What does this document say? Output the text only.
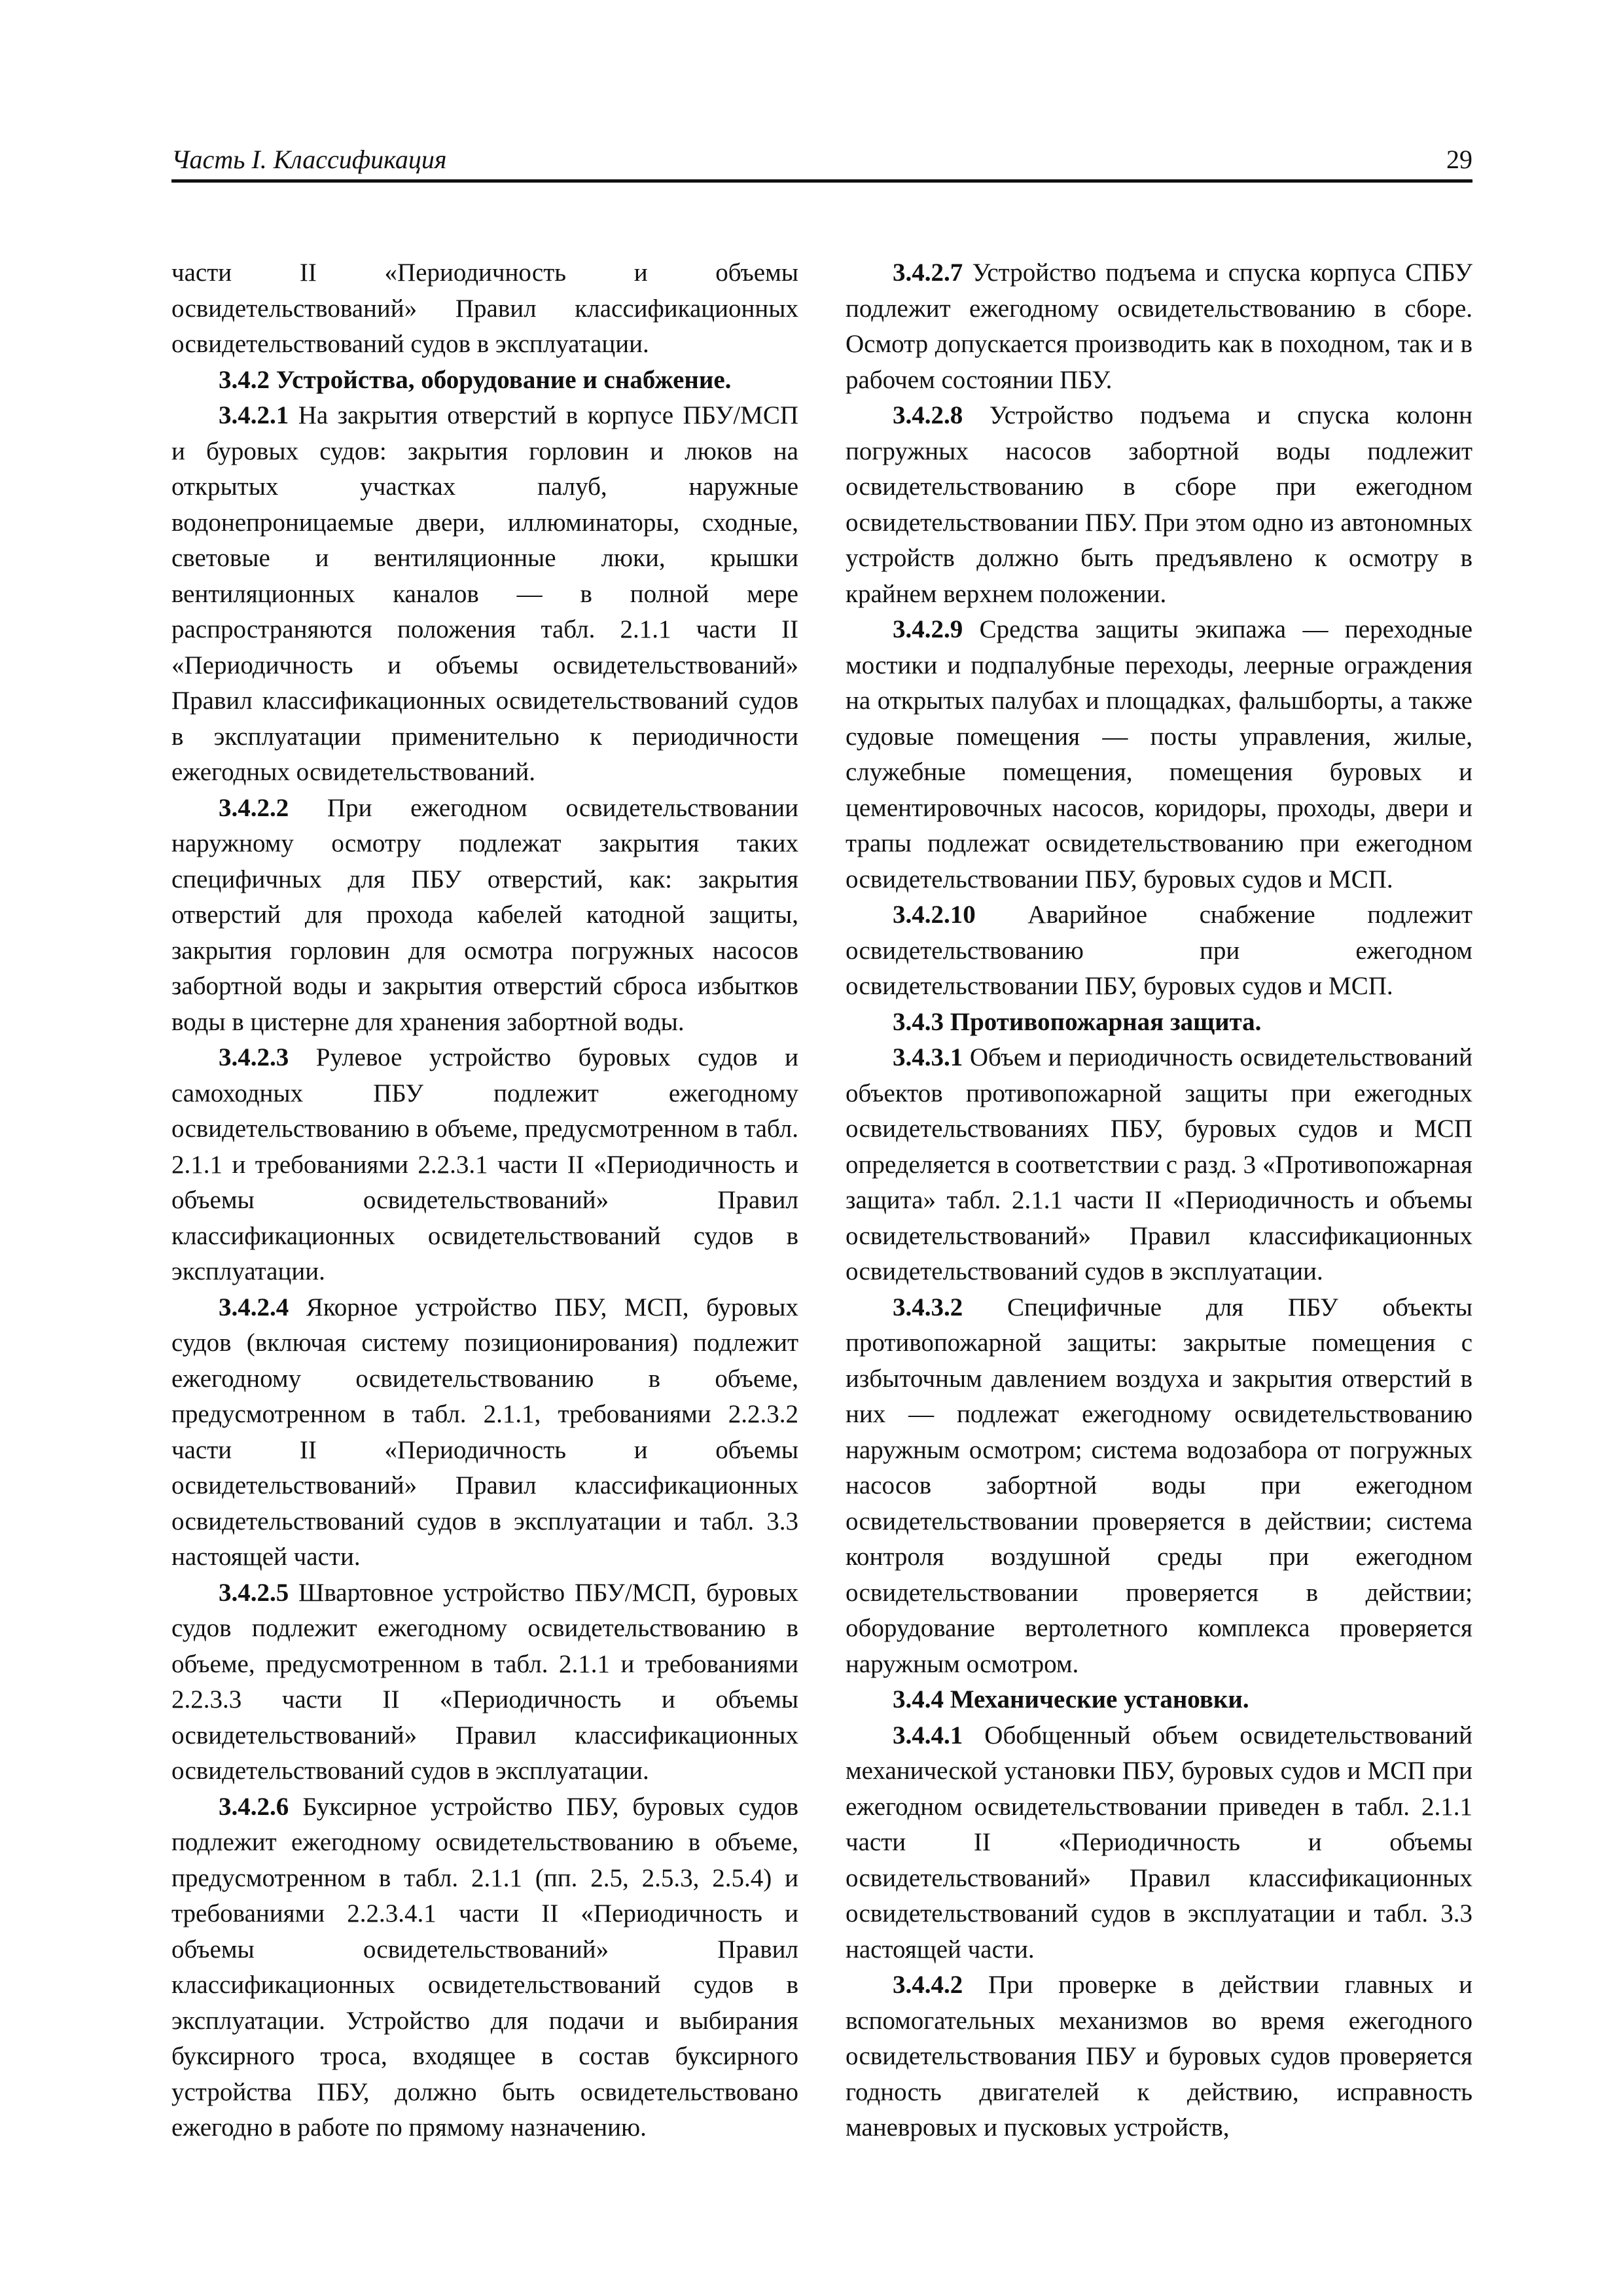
Часть I. Классификация	29

части II «Периодичность и объемы освидетельствований» Правил классификационных освидетельствований судов в эксплуатации.

3.4.2 Устройства, оборудование и снабжение.

3.4.2.1 На закрытия отверстий в корпусе ПБУ/МСП и буровых судов: закрытия горловин и люков на открытых участках палуб, наружные водонепроницаемые двери, иллюминаторы, сходные, световые и вентиляционные люки, крышки вентиляционных каналов — в полной мере распространяются положения табл. 2.1.1 части II «Периодичность и объемы освидетельствований» Правил классификационных освидетельствований судов в эксплуатации применительно к периодичности ежегодных освидетельствований.

3.4.2.2 При ежегодном освидетельствовании наружному осмотру подлежат закрытия таких специфичных для ПБУ отверстий, как: закрытия отверстий для прохода кабелей катодной защиты, закрытия горловин для осмотра погружных насосов забортной воды и закрытия отверстий сброса избытков воды в цистерне для хранения забортной воды.

3.4.2.3 Рулевое устройство буровых судов и самоходных ПБУ подлежит ежегодному освидетельствованию в объеме, предусмотренном в табл. 2.1.1 и требованиями 2.2.3.1 части II «Периодичность и объемы освидетельствований» Правил классификационных освидетельствований судов в эксплуатации.

3.4.2.4 Якорное устройство ПБУ, МСП, буровых судов (включая систему позиционирования) подлежит ежегодному освидетельствованию в объеме, предусмотренном в табл. 2.1.1, требованиями 2.2.3.2 части II «Периодичность и объемы освидетельствований» Правил классификационных освидетельствований судов в эксплуатации и табл. 3.3 настоящей части.

3.4.2.5 Швартовное устройство ПБУ/МСП, буровых судов подлежит ежегодному освидетельствованию в объеме, предусмотренном в табл. 2.1.1 и требованиями 2.2.3.3 части II «Периодичность и объемы освидетельствований» Правил классификационных освидетельствований судов в эксплуатации.

3.4.2.6 Буксирное устройство ПБУ, буровых судов подлежит ежегодному освидетельствованию в объеме, предусмотренном в табл. 2.1.1 (пп. 2.5, 2.5.3, 2.5.4) и требованиями 2.2.3.4.1 части II «Периодичность и объемы освидетельствований» Правил классификационных освидетельствований судов в эксплуатации. Устройство для подачи и выбирания буксирного троса, входящее в состав буксирного устройства ПБУ, должно быть освидетельствовано ежегодно в работе по прямому назначению.

3.4.2.7 Устройство подъема и спуска корпуса СПБУ подлежит ежегодному освидетельствованию в сборе. Осмотр допускается производить как в походном, так и в рабочем состоянии ПБУ.

3.4.2.8 Устройство подъема и спуска колонн погружных насосов забортной воды подлежит освидетельствованию в сборе при ежегодном освидетельствовании ПБУ. При этом одно из автономных устройств должно быть предъявлено к осмотру в крайнем верхнем положении.

3.4.2.9 Средства защиты экипажа — переходные мостики и подпалубные переходы, леерные ограждения на открытых палубах и площадках, фальшборты, а также судовые помещения — посты управления, жилые, служебные помещения, помещения буровых и цементировочных насосов, коридоры, проходы, двери и трапы подлежат освидетельствованию при ежегодном освидетельствовании ПБУ, буровых судов и МСП.

3.4.2.10 Аварийное снабжение подлежит освидетельствованию при ежегодном освидетельствовании ПБУ, буровых судов и МСП.

3.4.3 Противопожарная защита.

3.4.3.1 Объем и периодичность освидетельствований объектов противопожарной защиты при ежегодных освидетельствованиях ПБУ, буровых судов и МСП определяется в соответствии с разд. 3 «Противопожарная защита» табл. 2.1.1 части II «Периодичность и объемы освидетельствований» Правил классификационных освидетельствований судов в эксплуатации.

3.4.3.2 Специфичные для ПБУ объекты противопожарной защиты: закрытые помещения с избыточным давлением воздуха и закрытия отверстий в них — подлежат ежегодному освидетельствованию наружным осмотром; система водозабора от погружных насосов забортной воды при ежегодном освидетельствовании проверяется в действии; система контроля воздушной среды при ежегодном освидетельствовании проверяется в действии; оборудование вертолетного комплекса проверяется наружным осмотром.

3.4.4 Механические установки.

3.4.4.1 Обобщенный объем освидетельствований механической установки ПБУ, буровых судов и МСП при ежегодном освидетельствовании приведен в табл. 2.1.1 части II «Периодичность и объемы освидетельствований» Правил классификационных освидетельствований судов в эксплуатации и табл. 3.3 настоящей части.

3.4.4.2 При проверке в действии главных и вспомогательных механизмов во время ежегодного освидетельствования ПБУ и буровых судов проверяется годность двигателей к действию, исправность маневровых и пусковых устройств,
